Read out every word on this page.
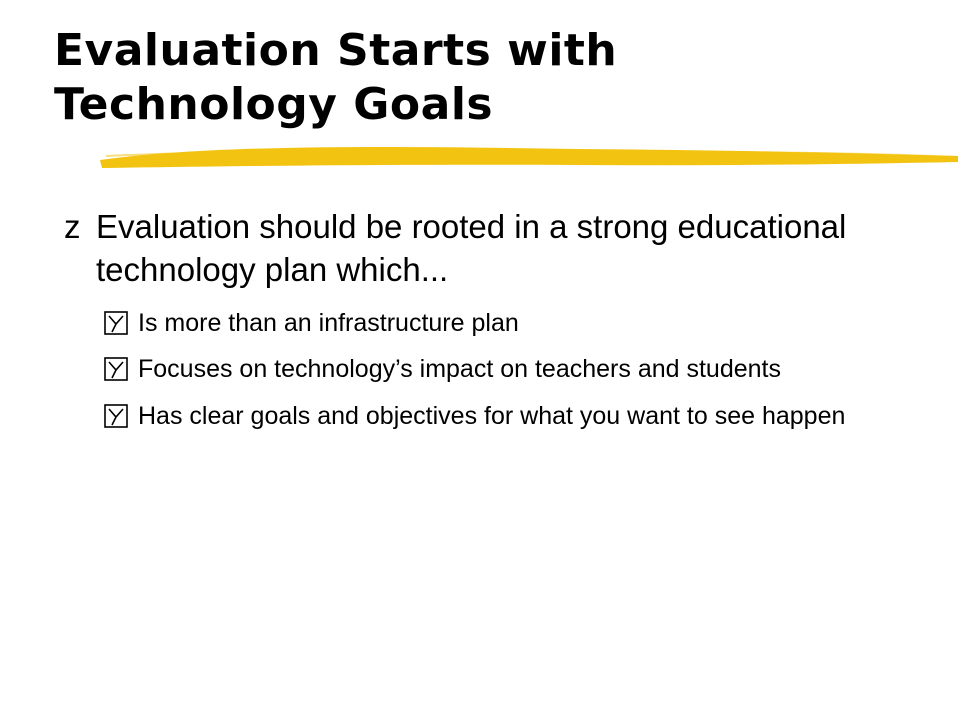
Evaluation Starts with
Technology Goals
z Evaluation should be rooted in a strong educational technology plan which...
Is more than an infrastructure plan
Focuses on technology’s impact on teachers and students
Has clear goals and objectives for what you want to see happen
